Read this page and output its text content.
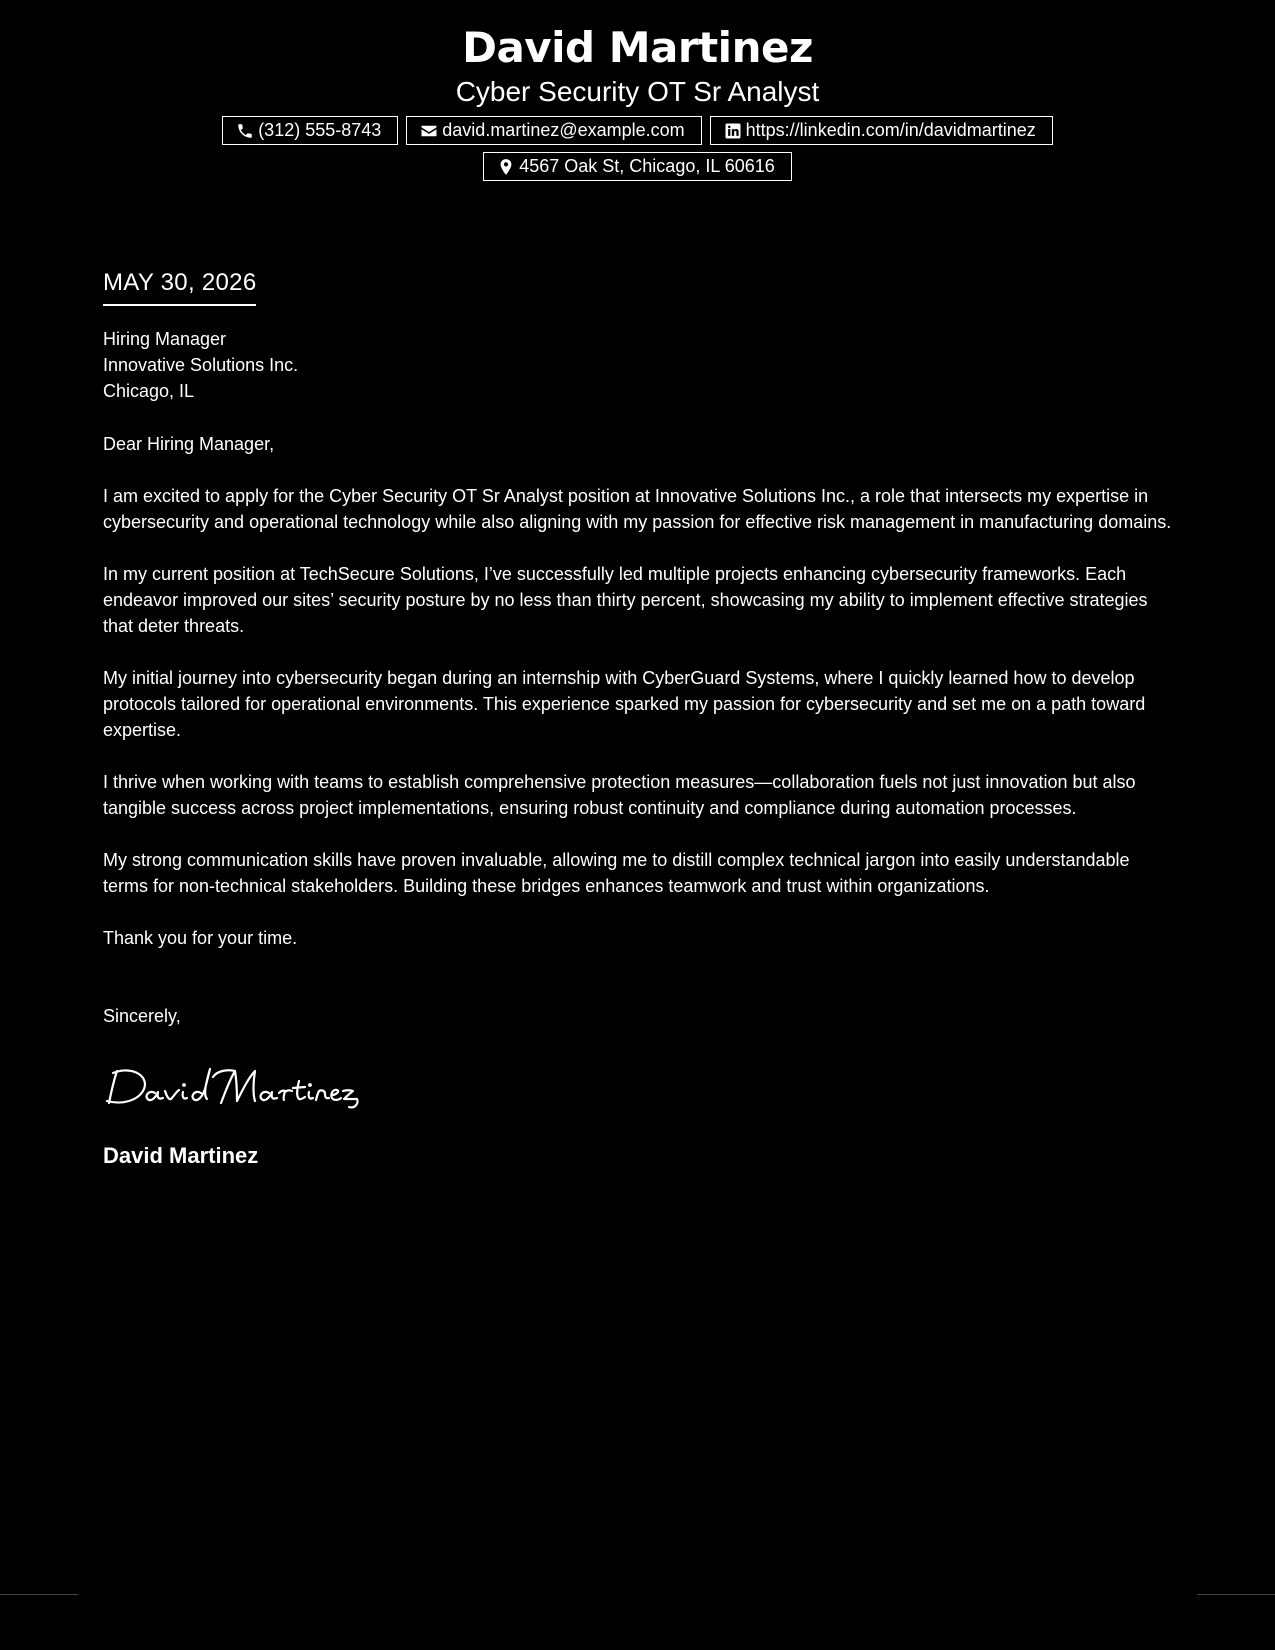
David Martinez
Cyber Security OT Sr Analyst
(312) 555-8743	david.martinez@example.com	https://linkedin.com/in/davidmartinez
4567 Oak St, Chicago, IL 60616
MAY 30, 2026
Hiring Manager
Innovative Solutions Inc.
Chicago, IL
Dear Hiring Manager,

I am excited to apply for the Cyber Security OT Sr Analyst position at Innovative Solutions Inc., a role that intersects my expertise in cybersecurity and operational technology while also aligning with my passion for effective risk management in manufacturing domains.

In my current position at TechSecure Solutions, I’ve successfully led multiple projects enhancing cybersecurity frameworks. Each endeavor improved our sites’ security posture by no less than thirty percent, showcasing my ability to implement effective strategies that deter threats.

My initial journey into cybersecurity began during an internship with CyberGuard Systems, where I quickly learned how to develop protocols tailored for operational environments. This experience sparked my passion for cybersecurity and set me on a path toward expertise.

I thrive when working with teams to establish comprehensive protection measures—collaboration fuels not just innovation but also tangible success across project implementations, ensuring robust continuity and compliance during automation processes.

My strong communication skills have proven invaluable, allowing me to distill complex technical jargon into easily understandable terms for non-technical stakeholders. Building these bridges enhances teamwork and trust within organizations.

Thank you for your time.

Sincerely,
David Martinez
